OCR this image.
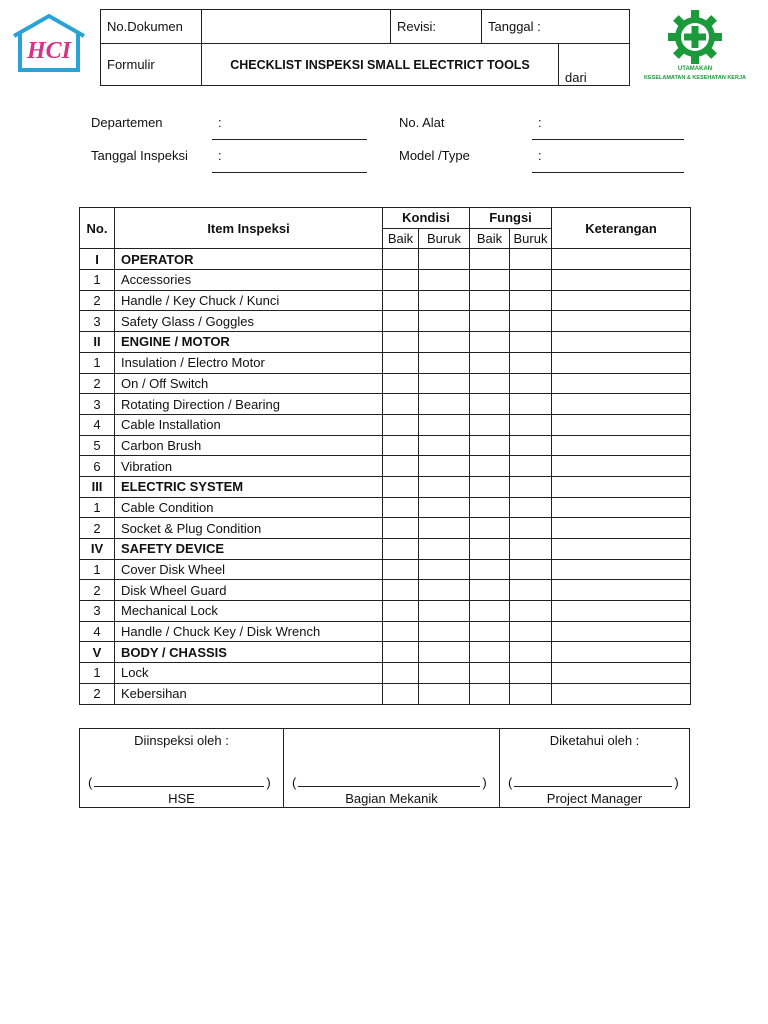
HCI
No.Dokumen		Revisi:	Tanggal :	
Formulir	CHECKLIST INSPEKSI SMALL ELECTRICT TOOLS			dari
UTAMAKAN
KESELAMATAN & KESEHATAN KERJA
Departemen	:
Tanggal Inspeksi :
No. Alat	:
Model /Type	:
No.	Item Inspeksi	Kondisi		Fungsi		Keterangan
		Baik	Buruk	Baik	Buruk	
I	OPERATOR					
1	Accessories					
2	Handle / Key Chuck / Kunci					
3	Safety Glass / Goggles					
II	ENGINE / MOTOR					
1	Insulation / Electro Motor					
2	On / Off Switch					
3	Rotating Direction / Bearing					
4	Cable Installation					
5	Carbon Brush					
6	Vibration					
III	ELECTRIC SYSTEM					
1	Cable Condition					
2	Socket & Plug Condition					
IV	SAFETY DEVICE					
1	Cover Disk Wheel					
2	Disk Wheel Guard					
3	Mechanical Lock					
4	Handle / Chuck Key / Disk Wrench					
V	BODY / CHASSIS					
1	Lock					
2	Kebersihan					
Diinspeksi oleh :
(	)
HSE

(	)
Bagian Mekanik

Diketahui oleh :
(	)
Project Manager
